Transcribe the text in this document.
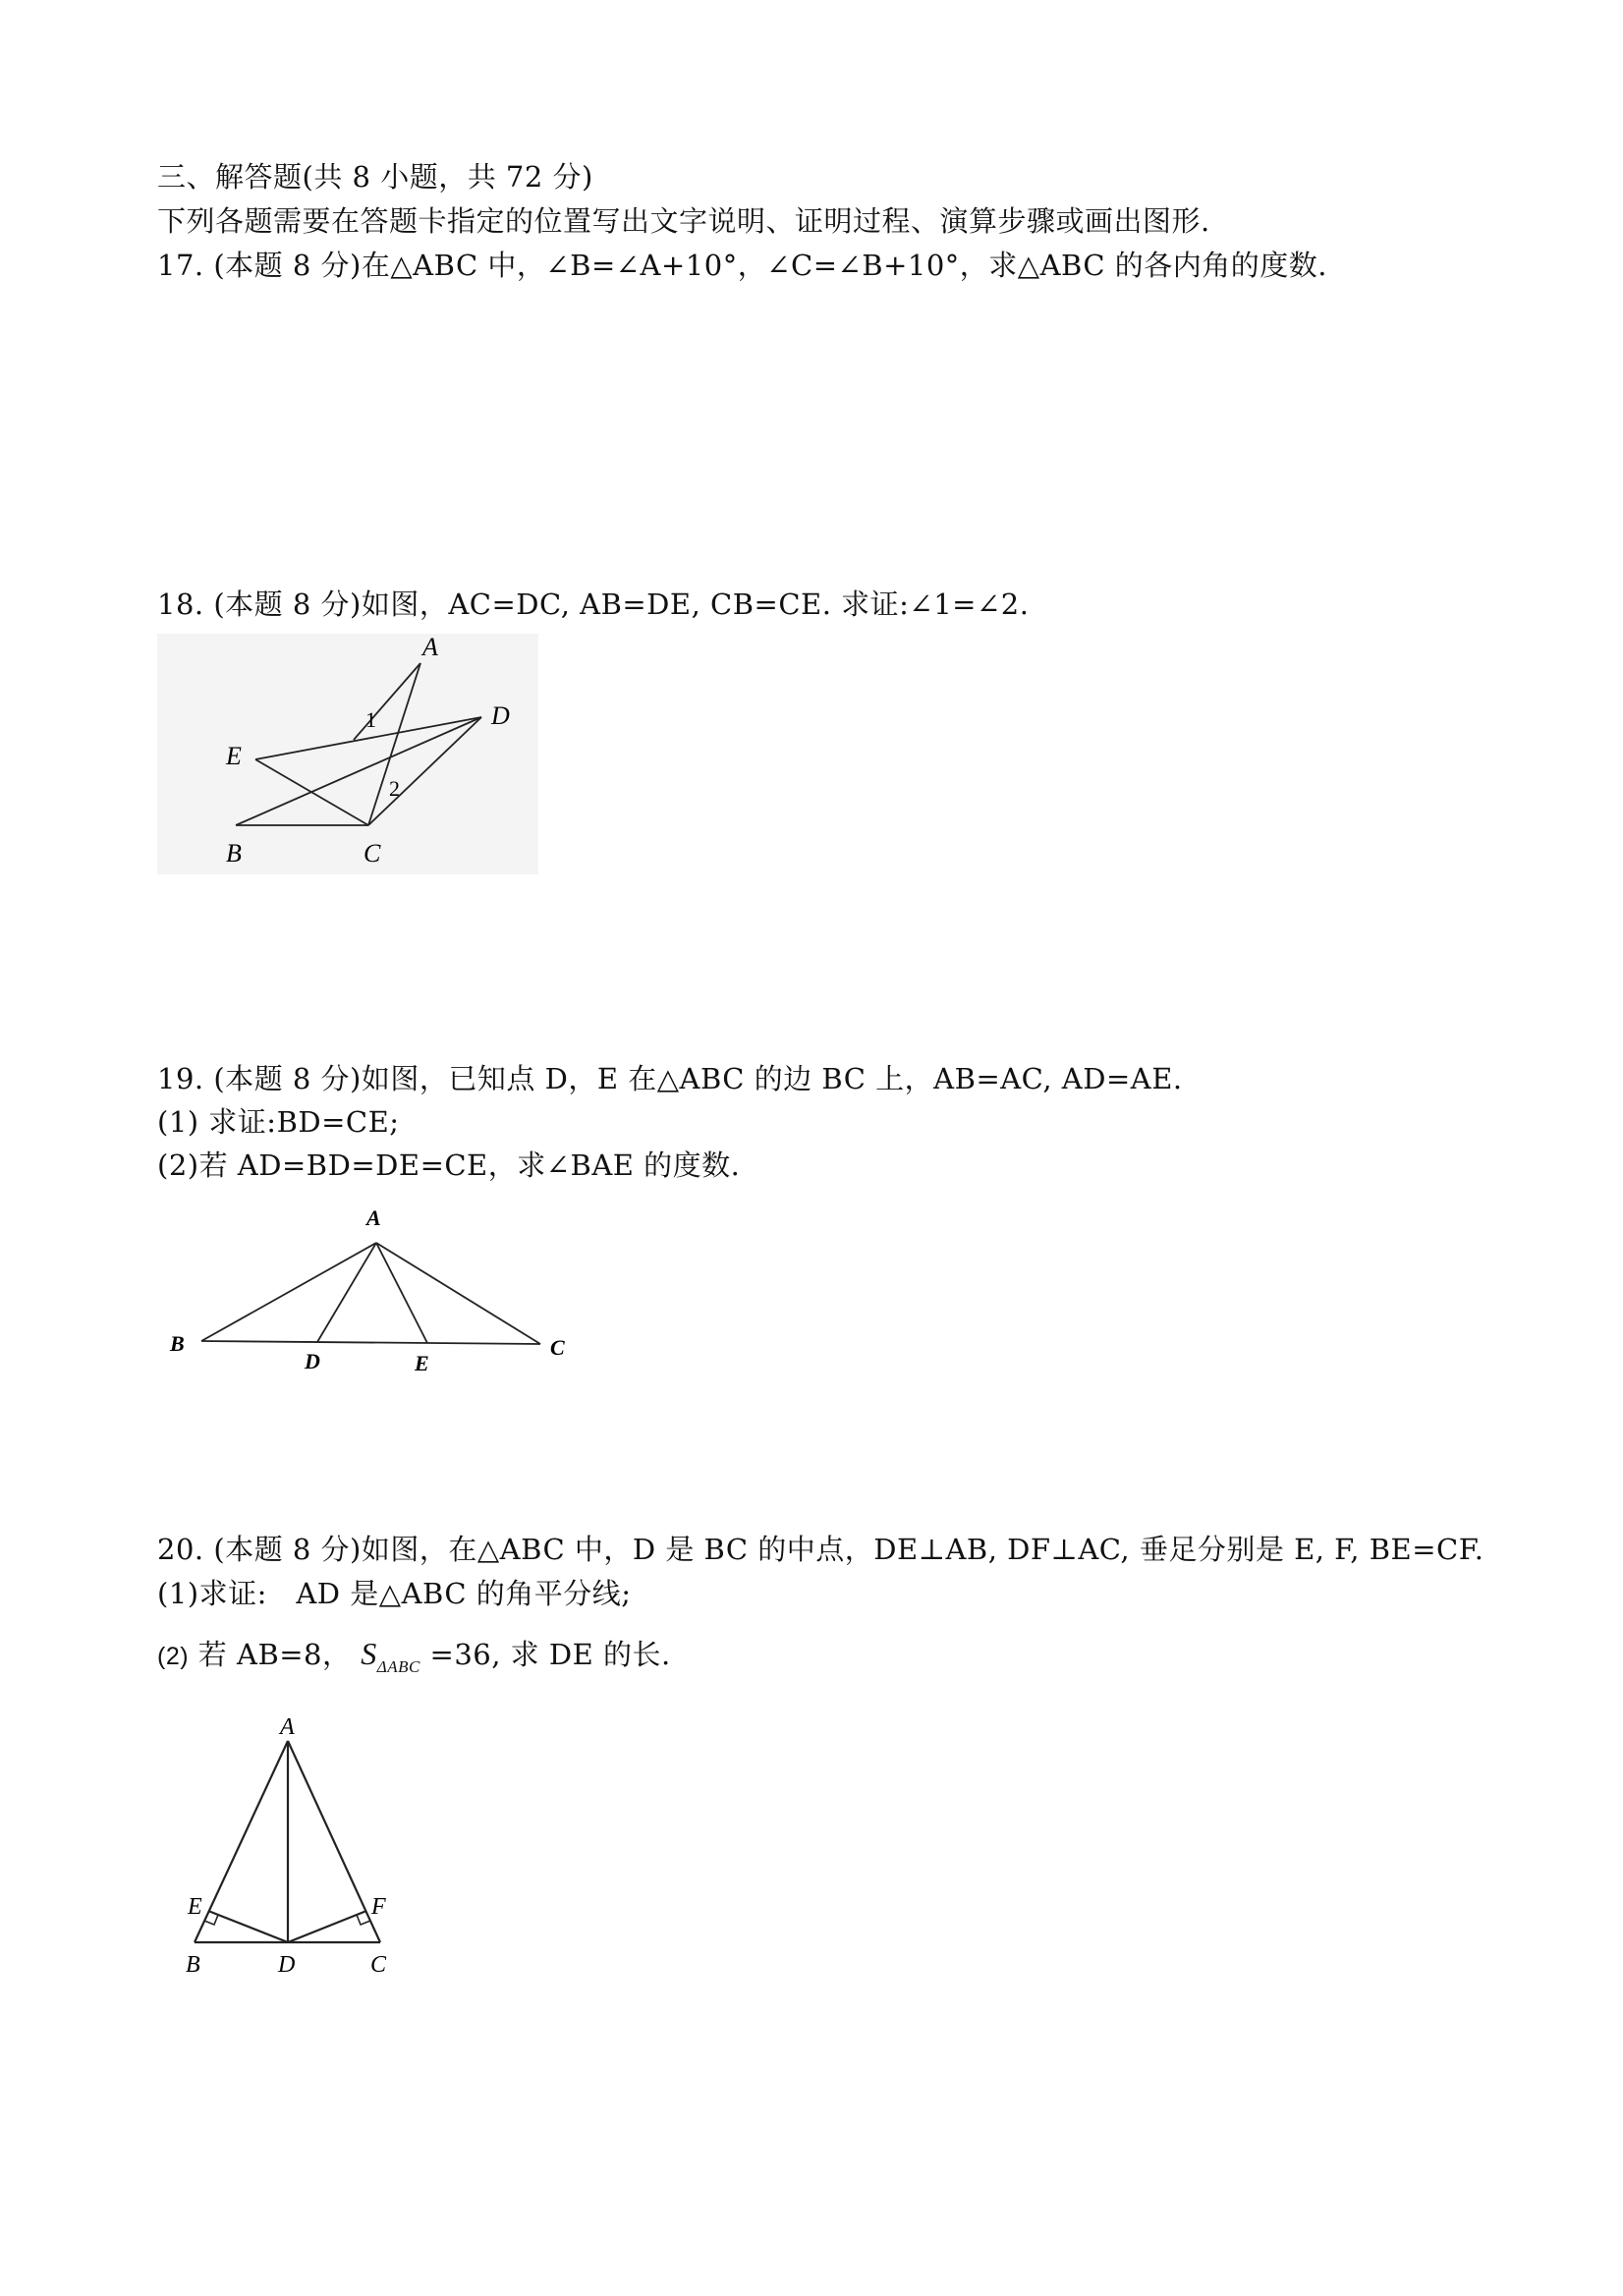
三、解答题(共 8 小题，共 72 分)
下列各题需要在答题卡指定的位置写出文字说明、证明过程、演算步骤或画出图形.
17. (本题 8 分)在△ABC 中，∠B=∠A+10°，∠C=∠B+10°，求△ABC 的各内角的度数.
18. (本题 8 分)如图，AC=DC, AB=DE, CB=CE. 求证:∠1=∠2.
A
B	C
D
E
1
2
19. (本题 8 分)如图，已知点 D，E 在△ABC 的边 BC 上，AB=AC, AD=AE.
(1) 求证:BD=CE;
(2)若 AD=BD=DE=CE，求∠BAE 的度数.
A
B	C
D	E
20. (本题 8 分)如图，在△ABC 中，D 是 BC 的中点，DE⊥AB, DF⊥AC, 垂足分别是 E, F, BE=CF.
(1)求证:　AD 是△ABC 的角平分线;
(2) 若 AB=8， $S_{\Delta ABC} =36$, 求 DE 的长.
A
B	C
D
E	F
